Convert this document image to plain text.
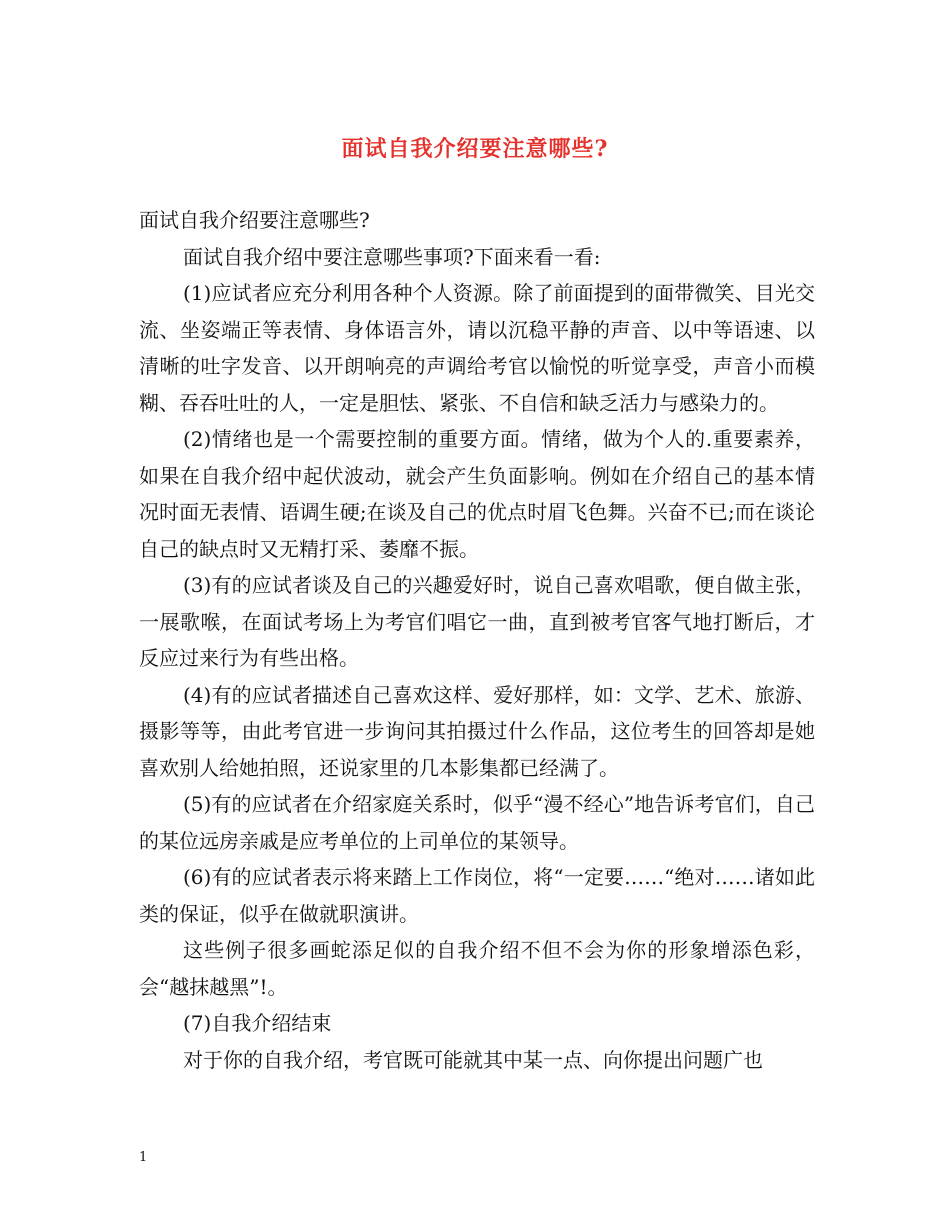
面试自我介绍要注意哪些?

面试自我介绍要注意哪些?

面试自我介绍中要注意哪些事项?下面来看一看:

(1)应试者应充分利用各种个人资源。除了前面提到的面带微笑、目光交流、坐姿端正等表情、身体语言外，请以沉稳平静的声音、以中等语速、以清晰的吐字发音、以开朗响亮的声调给考官以愉悦的听觉享受，声音小而模糊、吞吞吐吐的人，一定是胆怯、紧张、不自信和缺乏活力与感染力的。

(2)情绪也是一个需要控制的重要方面。情绪，做为个人的.重要素养，如果在自我介绍中起伏波动，就会产生负面影响。例如在介绍自己的基本情况时面无表情、语调生硬;在谈及自己的优点时眉飞色舞。兴奋不已;而在谈论自己的缺点时又无精打采、萎靡不振。

(3)有的应试者谈及自己的兴趣爱好时，说自己喜欢唱歌，便自做主张，一展歌喉，在面试考场上为考官们唱它一曲，直到被考官客气地打断后，才反应过来行为有些出格。

(4)有的应试者描述自己喜欢这样、爱好那样，如：文学、艺术、旅游、摄影等等，由此考官进一步询问其拍摄过什么作品，这位考生的回答却是她喜欢别人给她拍照，还说家里的几本影集都已经满了。

(5)有的应试者在介绍家庭关系时，似乎“漫不经心”地告诉考官们，自己的某位远房亲戚是应考单位的上司单位的某领导。

(6)有的应试者表示将来踏上工作岗位，将“一定要……“绝对……诸如此类的保证，似乎在做就职演讲。

这些例子很多画蛇添足似的自我介绍不但不会为你的形象增添色彩，会“越抹越黑”!。

(7)自我介绍结束

对于你的自我介绍，考官既可能就其中某一点、向你提出问题广也

1
